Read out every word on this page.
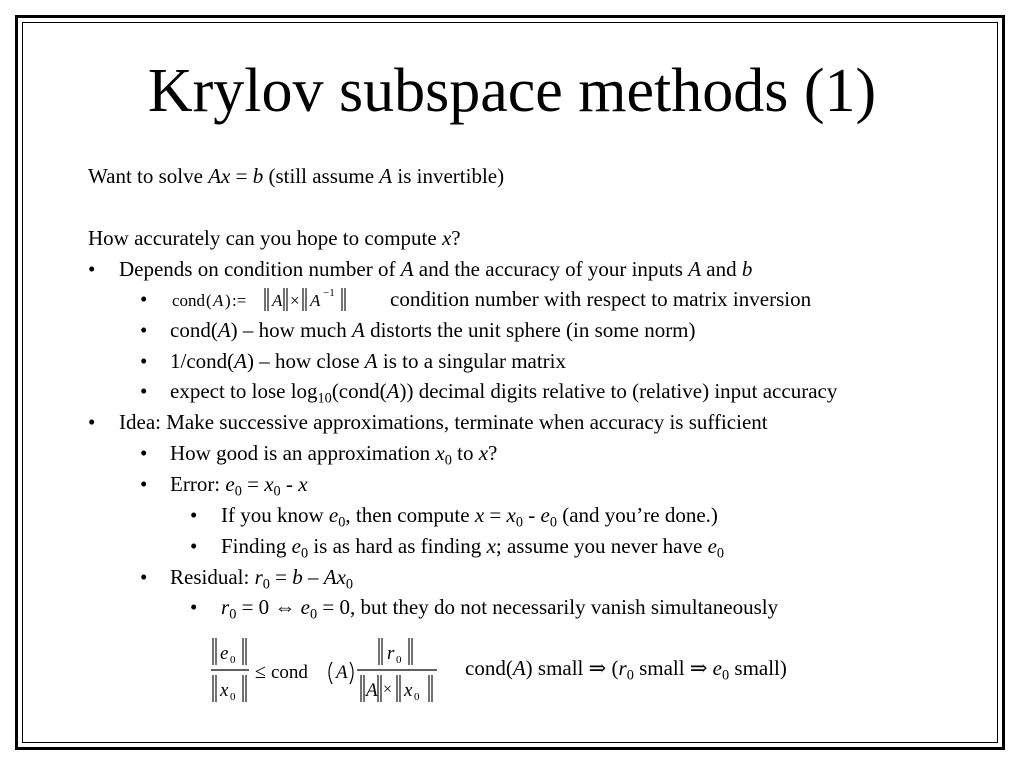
Krylov subspace methods (1)
Want to solve Ax = b (still assume A is invertible)
How accurately can you hope to compute x?
• Depends on condition number of A and the accuracy of your inputs A and b
• cond ( A ) := A × A −1	condition number with respect to matrix inversion
• cond(A) – how much A distorts the unit sphere (in some norm)
• 1/cond(A) – how close A is to a singular matrix
• expect to lose $\log_{10}(cond(A))$ decimal digits relative to (relative) input accuracy
• Idea: Make successive approximations, terminate when accuracy is sufficient
• How good is an approximation $x_0$ to x?
• Error: $e_0 = x_0 - x$
• If you know $e_0$, then compute $x = x_0 - e_0$ (and you’re done.)
• Finding $e_0$ is as hard as finding x; assume you never have $e_0$
• Residual: $r_0 = b - Ax_0$
• $r_0 = 0$ ⇔ $e_0 = 0$, but they do not necessarily vanish simultaneously
e 0
x 0
≤ cond A
r 0
A × x 0
cond(A) small ⇒ ($r_0$ small ⇒ $e_0$ small)
